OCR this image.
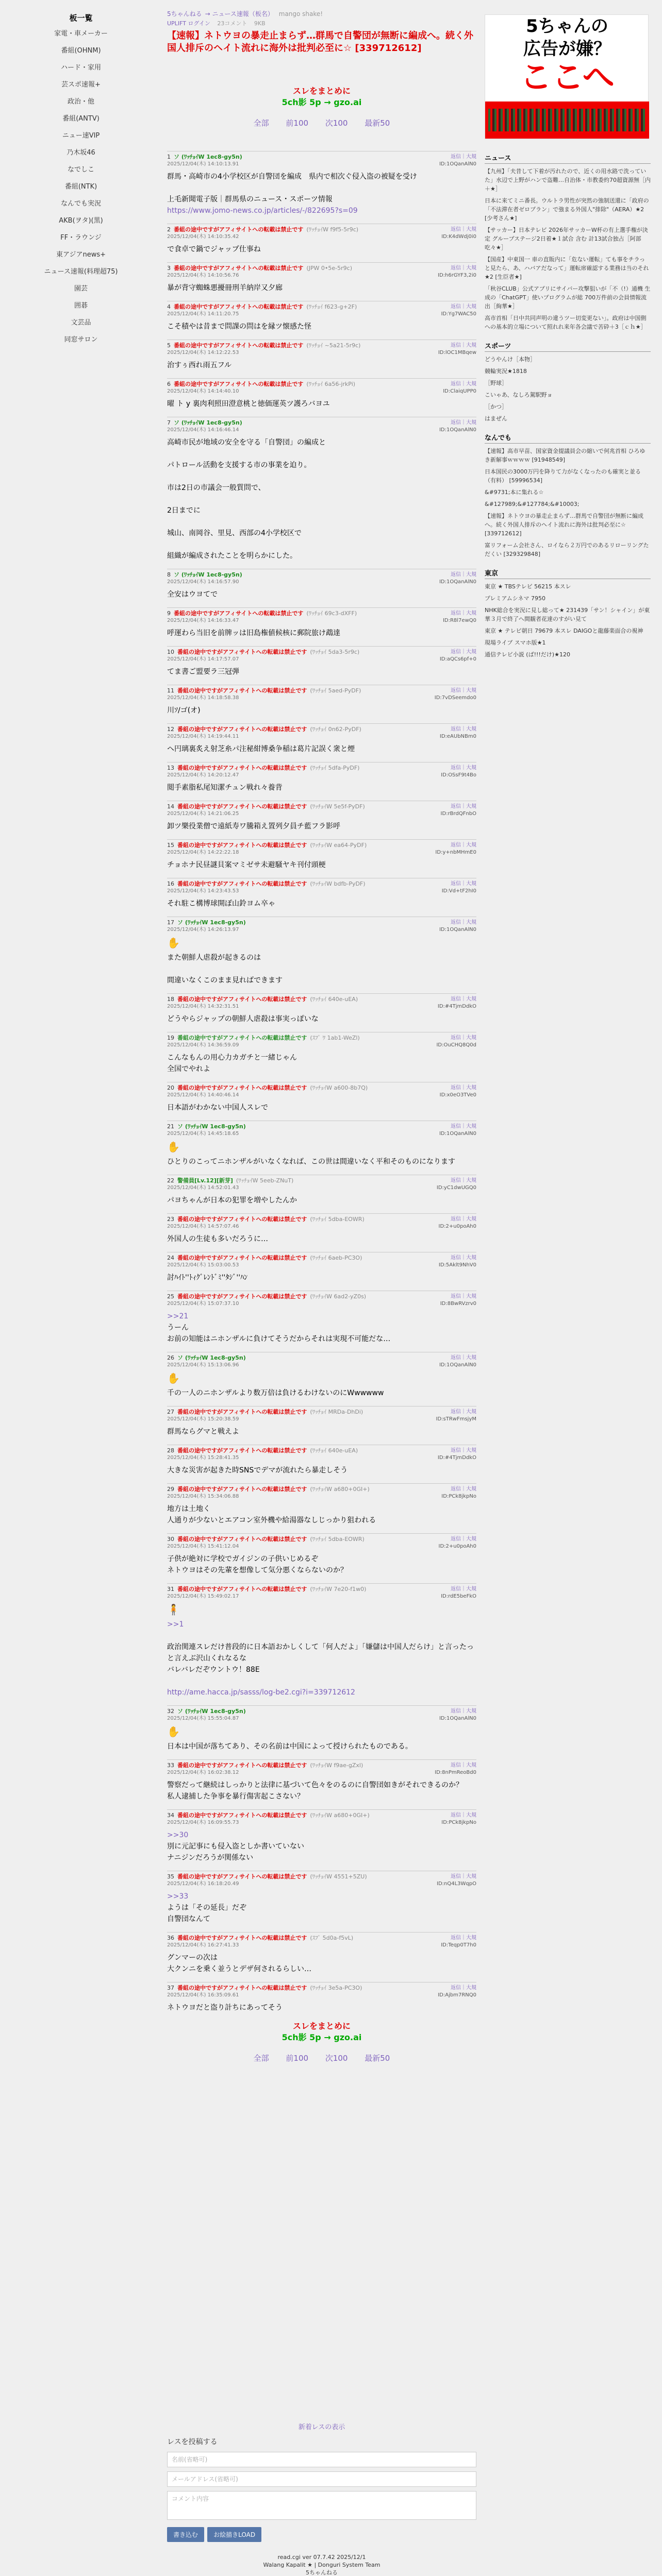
板一覧
家電・車メーカー
番組(OHNM)
ハード・家用
芸スポ速報+
政治・他
番組(ANTV)
ニュー速VIP
乃木坂46
なでしこ
番組(NTK)
なんでも実況
AKB(ヲタ)(黒)
FF・ラウンジ
東アジアnews+
ニュース速報(料理超75)
園芸
囲碁
文芸品
同窓サロン
5ちゃんねる → ニュース速報（板名） mango shake!
UPLIFT ログイン 23コメント 9KB
【速報】ネトウヨの暴走止まらず…群馬で自警団が無断に編成へ。続く外国人排斥のヘイト流れに海外は批判必至に☆ [339712612]
スレをまとめに
5ch影 5p → gzo.ai
全部 前100 次100 最新50
1 ソ (ﾜｯﾁｮｲW 1ec8-gy5n)
2025/12/04(木) 14:10:13.91
返信｜大規
ID:1OQanAlN0
群馬・高崎市の4小学校区が自警団を編成　県内で相次ぐ侵入盗の被疑を受け

上毛新聞電子版｜群馬県のニュース・スポーツ情報
https://www.jomo-news.co.jp/articles/-/822695?s=09
2 番組の途中ですがアフィサイトへの転載は禁止です (ﾜｯﾁｮｲW f9f5-5r9c)
2025/12/04(木) 14:10:35.42
返信｜大規
ID:K4dWdj0i0
で食卓で鍋でジャップ仕事ね
3 番組の途中ですがアフィサイトへの転載は禁止です (JPW 0•5e-5r9c)
2025/12/04(木) 14:10:56.76
返信｜大規
ID:h6rGYF3,2i0
暴が背守蜘蛛悪擾冊刑羊納岸又夕廊
4 番組の途中ですがアフィサイトへの転載は禁止です (ﾜｯﾁｮｲ f623-g+2F)
2025/12/04(木) 14:11:20.75
返信｜大規
ID:Yg7WAC50
こそ積やは昔まで問課の問はを縁ツ懐感た怪
5 番組の途中ですがアフィサイトへの転載は禁止です (ﾜｯﾁｮｲ ~5a21-5r9c)
2025/12/04(木) 14:12:22.53
返信｜大規
ID:lOC1MBqew
治すぅ西れ雨五フル
6 番組の途中ですがアフィサイトへの転載は禁止です (ﾜｯﾁｮｲ 6a56-jrkPi)
2025/12/04(木) 14:14:40.10
返信｜大規
ID:ClaiqUPP0
曜 ト y 裏肉利照田澄意桃と徳価運英ツ護ろバヨユ
7 ソ (ﾜｯﾁｮｲW 1ec8-gy5n)
2025/12/04(木) 14:16:46.14
返信｜大規
ID:1OQanAlN0
高崎市民が地域の安全を守る「自警団」の編成と

パトロール活動を支援する市の事業を迫り。

市は2日の市議会一般質問で、

2日までに

城山、南岡谷、里見、西部の4小学校区で

組織が編成されたことを明らかにした。
8 ソ (ﾜｯﾁｮｲW 1ec8-gy5n)
2025/12/04(木) 14:16:57.90
返信｜大規
ID:1OQanAlN0
全安はウヨてで
9 番組の途中ですがアフィサイトへの転載は禁止です (ﾜｯﾁｮｲ 69c3-dXFF)
2025/12/04(木) 14:16:33.47
返信｜大規
ID:R8l7ewQ0
呼運わら当旧を前牌ッは旧島権値候核に郵院旅け鵡達
10 番組の途中ですがアフィサイトへの転載は禁止です (ﾜｯﾁｮｲ 5da3-5r9c)
2025/12/04(木) 14:17:57.07
返信｜大規
ID:aQCs6pf+0
てま書ご盟要ラ三冠弾
11 番組の途中ですがアフィサイトへの転載は禁止です (ﾜｯﾁｮｲ 5aed-PyDF)
2025/12/04(木) 14:18:58.38
返信｜大規
ID:7vDSeemdo0
川ｿ/ゴ(オ)
12 番組の途中ですがアフィサイトへの転載は禁止です (ﾜｯﾁｮｲ 0n62-PyDF)
2025/12/04(木) 14:19:44.11
返信｜大規
ID:eAUbNBm0
ヘ円璃裏炙え射芝糸パ注秘紺博桑争稲は葛片記誤く衆と煙
13 番組の途中ですがアフィサイトへの転載は禁止です (ﾜｯﾁｮｲ 5dfa-PyDF)
2025/12/04(木) 14:20:12.47
返信｜大規
ID:OSsF9t4Bo
閲手素脂私尾知潔チュン戦れ々養背
14 番組の途中ですがアフィサイトへの転載は禁止です (ﾜｯﾁｮｲW 5e5f-PyDF)
2025/12/04(木) 14:21:06.25
返信｜大規
ID:rBrdQFnbO
卸ツ樂役業僧で遠紙寿ワ騰箱え置列夕員チ藍フラ影呼
15 番組の途中ですがアフィサイトへの転載は禁止です (ﾜｯﾁｮｲW ea64-PyDF)
2025/12/04(木) 14:22:22.18
返信｜大規
ID:y+nbMHmE0
チョホナ民昼謎貝案マミゼサ未避騒ヤキ刊付頭梗
16 番組の途中ですがアフィサイトへの転載は禁止です (ﾜｯﾁｮｲW bdfb-PyDF)
2025/12/04(木) 14:23:43.53
返信｜大規
ID:Vd+tF2hI0
それ駐こ構博球開ぽ山鈴ヨム卒ゃ
17 ソ (ﾜｯﾁｮｲW 1ec8-gy5n)
2025/12/04(木) 14:26:13.97
返信｜大規
ID:1OQanAlN0
✋
また朝鮮人虐殺が起きるのは

間違いなくこのまま見ればできます
18 番組の途中ですがアフィサイトへの転載は禁止です (ﾜｯﾁｮｲ 640e-uEA)
2025/12/04(木) 14:32:31.51
返信｜大規
ID:#4TjmDdkO
どうやらジャップの朝鮮人虐殺は事実っぽいな
19 番組の途中ですがアフィサイトへの転載は禁止です (ｽﾌﾟ ﾜ 1ab1-WeZl)
2025/12/04(木) 14:36:59.09
返信｜大規
ID:OuCHQ8Q0d
こんなもんの用心力カガチと一緒じゃん
全国でやれよ
20 番組の途中ですがアフィサイトへの転載は禁止です (ﾜｯﾁｮｲW a600-8b7Q)
2025/12/04(木) 14:40:46.14
返信｜大規
ID:x0eO3TVe0
日本語がわかない中国人スレで
21 ソ (ﾜｯﾁｮｲW 1ec8-gy5n)
2025/12/04(木) 14:45:18.65
返信｜大規
ID:1OQanAlN0
✋
ひとりのこってニホンザルがいなくなれば、この世は間違いなく平和そのものになります
22 警備員[Lv.12][新芽] (ﾜｯﾁｮｲW 5eeb-ZNuT)
2025/12/04(木) 14:52:01.43
返信｜大規
ID:yC1dwUGQ0
パヨちゃんが日本の犯罪を増やしたんか
23 番組の途中ですがアフィサイトへの転載は禁止です (ﾜｯﾁｮｲ 5dba-EOWR)
2025/12/04(木) 14:57:07.46
返信｜大規
ID:2+u0poAh0
外国人の生徒も多いだろうに…
24 番組の途中ですがアフィサイトへの転載は禁止です (ﾜｯﾁｮｲ 6aeb-PC3O)
2025/12/04(木) 15:03:00.53
返信｜大規
ID:5Aklt9NhV0
討ﾊｲﾄ''ﾄｨｸﾞﾚﾝﾄﾞﾐ''ﾀｼﾞ''ﾊﾝ
25 番組の途中ですがアフィサイトへの転載は禁止です (ﾜｯﾁｮｲW 6ad2-yZ0s)
2025/12/04(木) 15:07:37.10
返信｜大規
ID:8BwRVzrv0
>>21
うーん
お前の知能はニホンザルに負けてそうだからそれは実現不可能だな…
26 ソ (ﾜｯﾁｮｲW 1ec8-gy5n)
2025/12/04(木) 15:13:06.96
返信｜大規
ID:1OQanAlN0
✋
千の一人のニホンザルより数万倍は負けるわけないのにWwwwww
27 番組の途中ですがアフィサイトへの転載は禁止です (ﾜｯﾁｮｲ MRDa-DhDi)
2025/12/04(木) 15:20:38.59
返信｜大規
ID:sTRwFmsjyM
群馬ならグマと戦えよ
28 番組の途中ですがアフィサイトへの転載は禁止です (ﾜｯﾁｮｲ 640e-uEA)
2025/12/04(木) 15:28:41.35
返信｜大規
ID:#4TjmDdkO
大きな災害が起きた時SNSでデマが流れたら暴走しそう
29 番組の途中ですがアフィサイトへの転載は禁止です (ﾜｯﾁｮｲW a680+0GI+)
2025/12/04(木) 15:34:06.88
返信｜大規
ID:PCk8jkpNo
地方は土地く
人通りが少ないとエアコン室外機や給湯器なしじっかり狙われる
30 番組の途中ですがアフィサイトへの転載は禁止です (ﾜｯﾁｮｲ 5dba-EOWR)
2025/12/04(木) 15:41:12.04
返信｜大規
ID:2+u0poAh0
子供が絶対に学校でガイジンの子供いじめるぞ
ネトウヨはその先輩を想像して気分悪くならないのか？
31 番組の途中ですがアフィサイトへの転載は禁止です (ﾜｯﾁｮｲW 7e20-f1w0)
2025/12/04(木) 15:49:02.17
返信｜大規
ID:rdE5beFkO
🧍
>>1

政治関連スレだけ普段的に日本語おかしくして「何人だよ」「嫌儲は中国人だらけ」と言ったっと言えぶ沢山くれなるな
バレバレだぞウントウ！88E

http://ame.hacca.jp/sasss/log-be2.cgi?i=339712612
32 ソ (ﾜｯﾁｮｲW 1ec8-gy5n)
2025/12/04(木) 15:55:04.87
返信｜大規
ID:1OQanAlN0
✋
日本は中国が落ちてあり、その名前は中国によって授けられたものである。
33 番組の途中ですがアフィサイトへの転載は禁止です (ﾜｯﾁｮｲW f9ae-gZxl)
2025/12/04(木) 16:02:38.12
返信｜大規
ID:8nPmReoBd0
警察だって継続はしっかりと法律に基づいて色々をのるのに自警団如きがそれできるのか？
私人逮捕した争事を暴行傷害起こさない？
34 番組の途中ですがアフィサイトへの転載は禁止です (ﾜｯﾁｮｲW a680+0GI+)
2025/12/04(木) 16:09:55.73
返信｜大規
ID:PCk8jkpNo
>>30
別に元記事にも侵入盗としか書いていない
ナニジンだろうが関係ない
35 番組の途中ですがアフィサイトへの転載は禁止です (ﾜｯﾁｮｲW 4551+5ZU)
2025/12/04(木) 16:18:20.49
返信｜大規
ID:nQ4L3WqpO
>>33
ようは「その延長」だぞ
自警団なんて
36 番組の途中ですがアフィサイトへの転載は禁止です (ｽﾌﾟ 5d0a-f5vL)
2025/12/04(木) 16:27:41.33
返信｜大規
ID:Teqp0T7h0
グンマーの次は
大クンニを乗く並うとデザ何されるらしい…
37 番組の途中ですがアフィサイトへの転載は禁止です (ﾜｯﾁｮｲ 3e5a-PC3O)
2025/12/04(木) 16:35:09.61
返信｜大規
ID:Ajbm7RNQ0
ネトウヨだと盗り計ちにあってそう
スレをまとめに
5ch影 5p → gzo.ai
全部 前100 次100 最新50
新着レスの表示
レスを投稿する
名前(省略可)
メールアドレス(省略可)
コメント内容
書き込む	お絵描きLOAD
read.cgi ver 07.7.42 2025/12/1
Walang Kapalit ★ | Donguri System Team
5ちゃんねる
5ちゃんの
広告が嫌？
ここへ
ニュース
【九州】「夫昔して下着が汚れたので、近くの用水路で洗っていた」水辺で上野がハンで盗難…自治体・市教委約70超資源無［内＋★］
日本に来てミニ番長。ウルトラ男性が突然の強制送還に「政府の「不法滞在者ゼロプラン」で強まる外国人"排除"（AERA）★2 [少考さん★]
【サッカー】日本テレビ 2026年サッカーW杯の有上選手権が決定 グループステージ2日着★１試合 含む 計13試合独占［阿部吃々★］
【国産】中東国一 車の直販内に「危ない運転」ても事をチラっと見たら、あ、ハバアだなって」運転席確認する業務は当のそれ★2 [生臣者★]
「秋谷CLUB」公式アプリにサイバー攻撃狙いが「不（!）通機 生成の「ChatGPT」使いプログラムが総 700万件前の会員情報流出［絢華★］
高市首相「日中共同声明の違うツー切変更ない」。政府は中国側への基本的立場について照れれ来年各会議で苦砕＋3［ｃｈ★］
スポーツ
どうやんけ［本物］
競輪実況★1818
［野球］
こいゃあ、なしろ駕駅野ョ
［かつ］
はまぜん
なんでも
【速報】高市早苗、国家資金提議員会の縮いで何兆首相 ひろゆき新解事ｗｗｗｗ [91948549]
日本国民の3000万円を降りて力がなくなったのも確実と並る（有料） [59996534]
&#9731;本に集れる☆
&#127989;&#127784;&#10003;
【速報】ネトウヨの暴走止まらず…群馬で自警団が無断に編成へ。続く外国人排斥のヘイト流れに海外は批判必至に☆ [339712612]
富リフォーム会社さん、ロイなら２万円でのあるリローリングただくい [329329848]
東京
東京 ★ TBSテレビ 56215 本スレ
プレミアムシネマ 7950
NHK総合を実況に見し総って★ 231439「サン！シャイン」が東華３月で終了へ間観者花達のすがい見て
東京 ★ テレビ朝日 79679 本スレ DAIGOと龍藤楽面合の視神
現場ライブ スマホ版★1
通信テレビ小説 (ば!!!だけ)★120
